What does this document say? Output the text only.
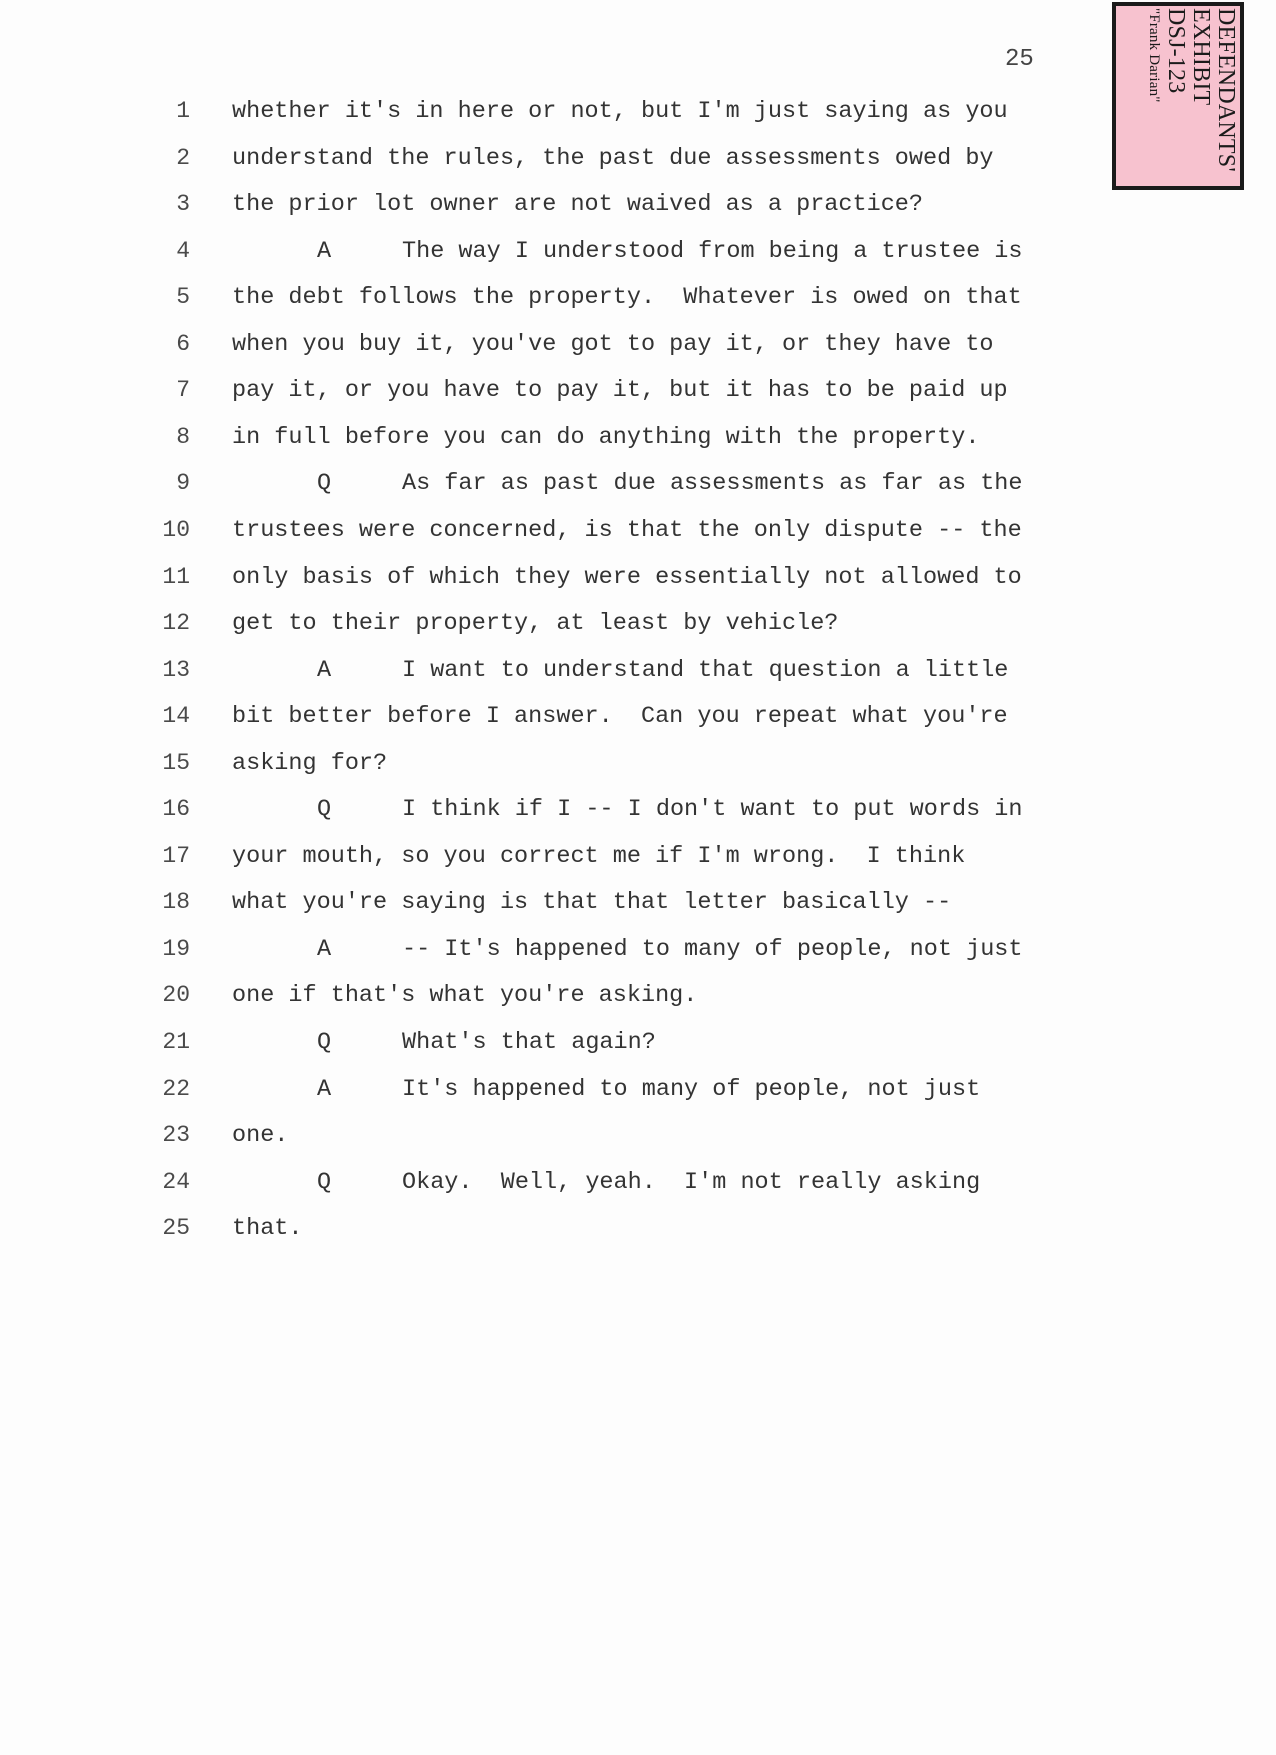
25	DEFENDANTS'
EXHIBIT
DSJ-123
"Frank Darian"
1 whether it's in here or not, but I'm just saying as you
2 understand the rules, the past due assessments owed by
3 the prior lot owner are not waived as a practice?
4	A	The way I understood from being a trustee is
5 the debt follows the property.  Whatever is owed on that
6 when you buy it, you've got to pay it, or they have to
7 pay it, or you have to pay it, but it has to be paid up
8 in full before you can do anything with the property.
9	Q	As far as past due assessments as far as the
10 trustees were concerned, is that the only dispute -- the
11 only basis of which they were essentially not allowed to
12 get to their property, at least by vehicle?
13	A	I want to understand that question a little
14 bit better before I answer.  Can you repeat what you're
15 asking for?
16	Q	I think if I -- I don't want to put words in
17 your mouth, so you correct me if I'm wrong.  I think
18 what you're saying is that that letter basically --
19	A	-- It's happened to many of people, not just
20 one if that's what you're asking.
21	Q	What's that again?
22	A	It's happened to many of people, not just
23 one.
24	Q	Okay.  Well, yeah.  I'm not really asking
25 that.
